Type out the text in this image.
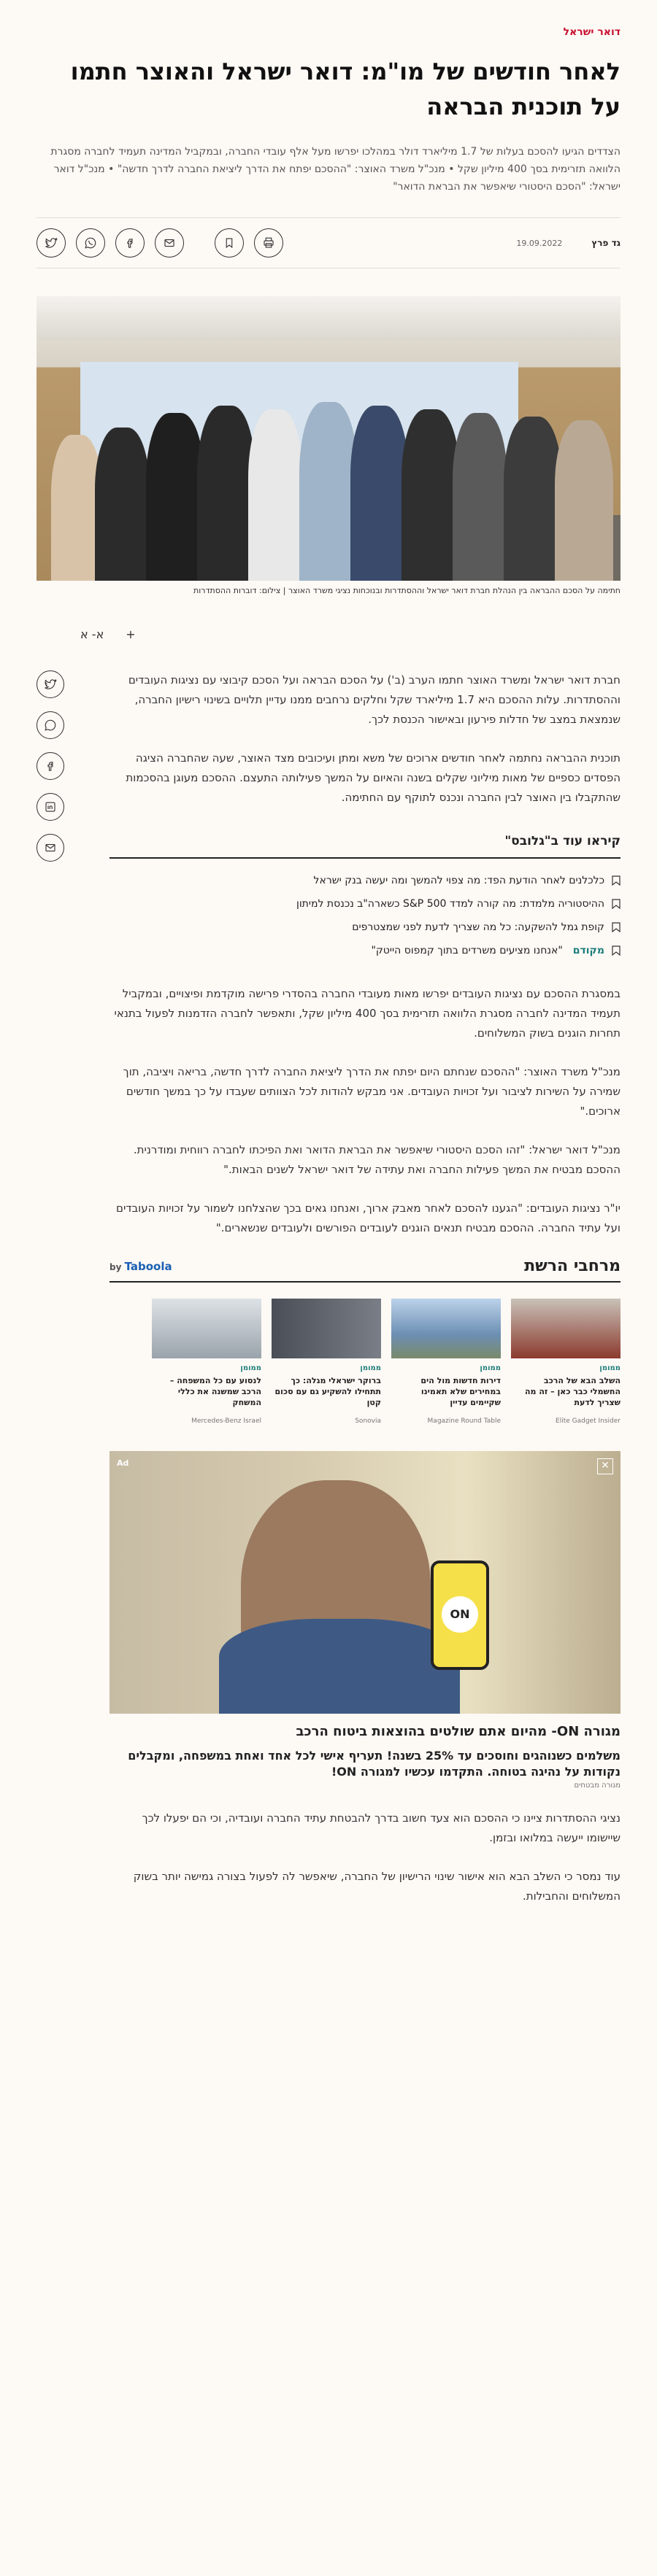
דואר ישראל
לאחר חודשים של מו"מ: דואר ישראל והאוצר חתמו על תוכנית הבראה

הצדדים הגיעו להסכם בעלות של 1.7 מיליארד דולר במהלכו יפרשו מעל אלף עובדי החברה, ובמקביל המדינה תעמיד לחברה מסגרת הלוואה תזרימית בסך 400 מיליון שקל • מנכ"ל משרד האוצר: "ההסכם יפתח את הדרך ליציאת החברה לדרך חדשה" • מנכ"ל דואר ישראל: "הסכם היסטורי שיאפשר את הבראת הדואר"

גד פרץ
19.09.2022

חתימה על הסכם ההבראה בין הנהלת חברת דואר ישראל וההסתדרות ובנוכחות נציגי משרד האוצר | צילום: דוברות ההסתדרות

א- א+

חברת דואר ישראל ומשרד האוצר חתמו הערב (ב') על הסכם הבראה ועל הסכם קיבוצי עם נציגות העובדים וההסתדרות. עלות ההסכם היא 1.7 מיליארד שקל וחלקים נרחבים ממנו עדיין תלויים בשינוי רישיון החברה, שנמצאת במצב של חדלות פירעון ובאישור הכנסת לכך.

תוכנית ההבראה נחתמה לאחר חודשים ארוכים של משא ומתן ועיכובים מצד האוצר, שעה שהחברה הציגה הפסדים כספיים של מאות מיליוני שקלים בשנה והאיום על המשך פעילותה התעצם. ההסכם מעוגן בהסכמות שהתקבלו בין האוצר לבין החברה ונכנס לתוקף עם החתימה.

קיראו עוד ב"גלובס"
כלכלנים לאחר הודעת הפד: מה צפוי להמשך ומה יעשה בנק ישראל
ההיסטוריה מלמדת: מה קורה למדד S&P 500 כשארה"ב נכנסת למיתון
קופת גמל להשקעה: כל מה שצריך לדעת לפני שמצטרפים
מקודם
"אנחנו מציעים משרדים בתוך קמפוס הייטק"

במסגרת ההסכם עם נציגות העובדים יפרשו מאות מעובדי החברה בהסדרי פרישה מוקדמת ופיצויים, ובמקביל תעמיד המדינה לחברה מסגרת הלוואה תזרימית בסך 400 מיליון שקל, ותאפשר לחברה הזדמנות לפעול בתנאי תחרות הוגנים בשוק המשלוחים.

מנכ"ל משרד האוצר: "ההסכם שנחתם היום יפתח את הדרך ליציאת החברה לדרך חדשה, בריאה ויציבה, תוך שמירה על השירות לציבור ועל זכויות העובדים. אני מבקש להודות לכל הצוותים שעבדו על כך במשך חודשים ארוכים."

מנכ"ל דואר ישראל: "זהו הסכם היסטורי שיאפשר את הבראת הדואר ואת הפיכתו לחברה רווחית ומודרנית. ההסכם מבטיח את המשך פעילות החברה ואת עתידה של דואר ישראל לשנים הבאות."

יו"ר נציגות העובדים: "הגענו להסכם לאחר מאבק ארוך, ואנחנו גאים בכך שהצלחנו לשמור על זכויות העובדים ועל עתיד החברה. ההסכם מבטיח תנאים הוגנים לעובדים הפורשים ולעובדים שנשארים."

מרחבי הרשת
by Taboola
ממומן
השלב הבא של הרכב החשמלי כבר כאן – זה מה שצריך לדעת
Elite Gadget Insider
ממומן
דירות חדשות מול הים במחירים שלא תאמינו שקיימים עדיין
Magazine Round Table
ממומן
ברוקר ישראלי מגלה: כך תתחילו להשקיע גם עם סכום קטן
Sonovia
ממומן
לנסוע עם כל המשפחה – הרכב שמשנה את כללי המשחק
Mercedes-Benz Israel
ON
Ad	✕
מגורה ON- מהיום אתם שולטים בהוצאות ביטוח הרכב
משלמים כשנוהגים וחוסכים עד 25% בשנה! תעריף אישי לכל אחד ואחת במשפחה, ומקבלים נקודות על נהיגה בטוחה. התקדמו עכשיו למגורה ON!
מגורה מבטחים

נציגי ההסתדרות ציינו כי ההסכם הוא צעד חשוב בדרך להבטחת עתיד החברה ועובדיה, וכי הם יפעלו לכך שיישומו ייעשה במלואו ובזמן.

עוד נמסר כי השלב הבא הוא אישור שינוי הרישיון של החברה, שיאפשר לה לפעול בצורה גמישה יותר בשוק המשלוחים והחבילות.
